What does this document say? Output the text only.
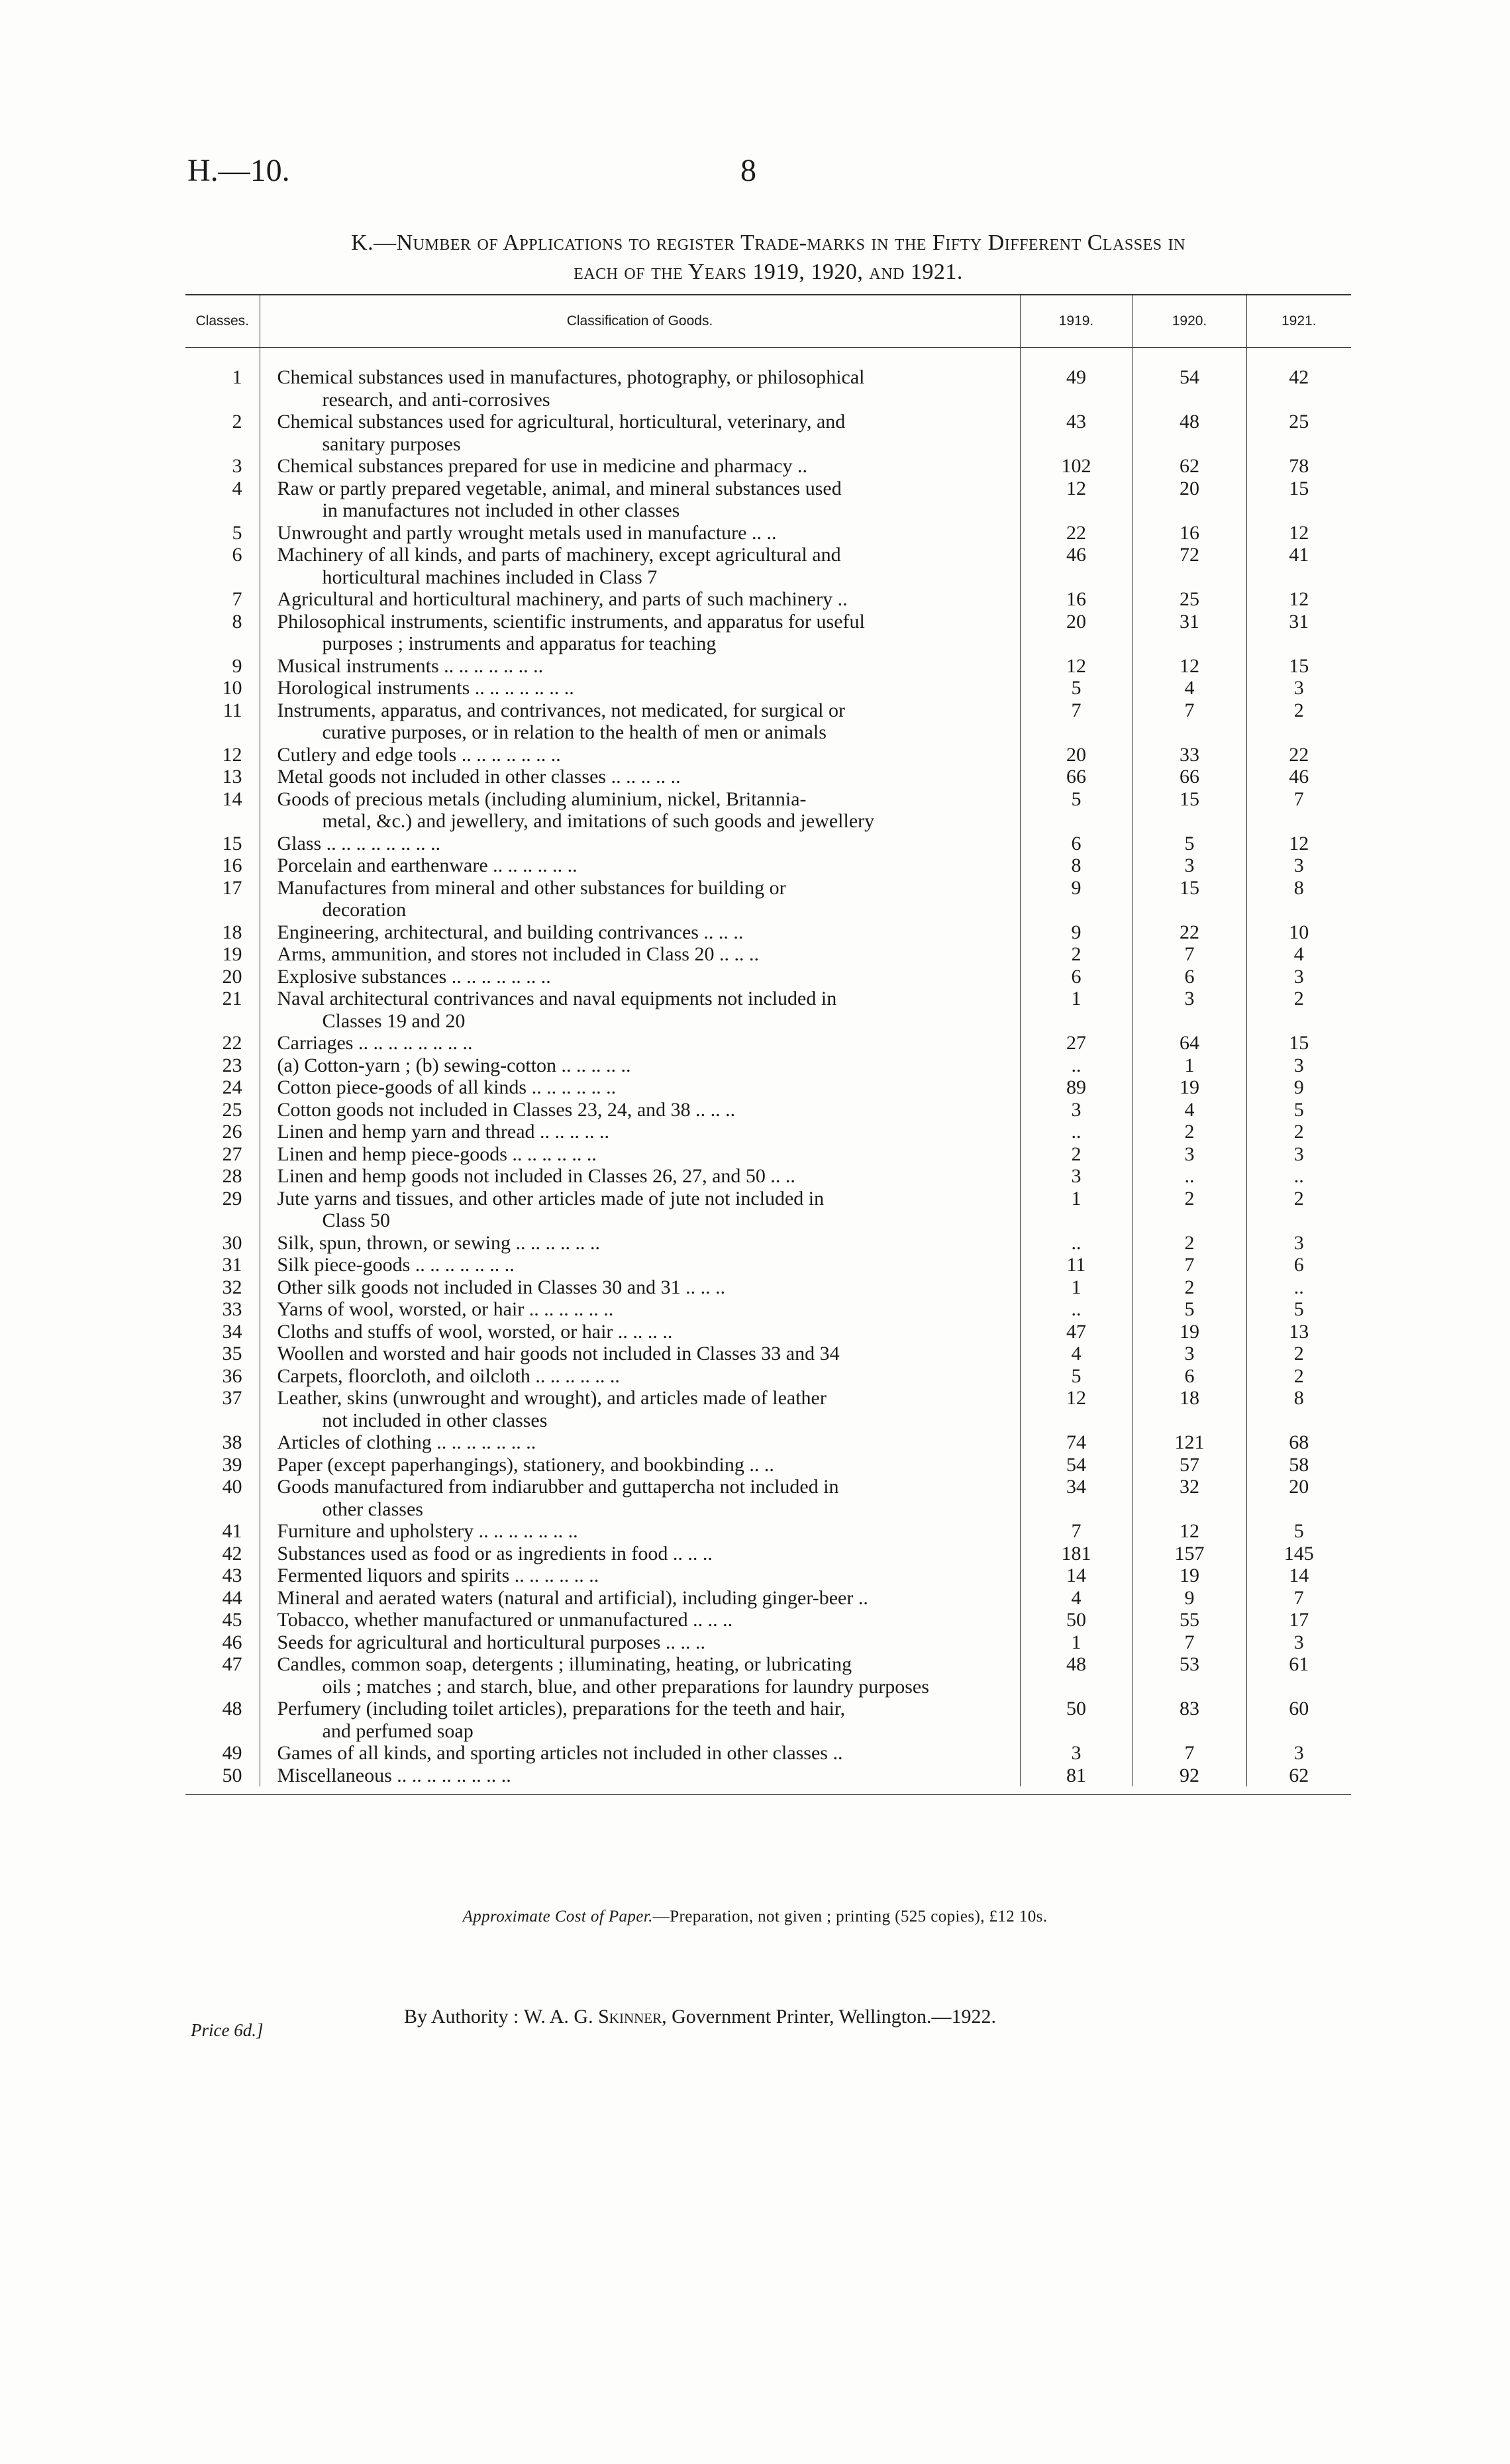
H.—10.	8
K.—Number of Applications to register Trade-marks in the Fifty Different Classes in
each of the Years 1919, 1920, and 1921.
Classes.	Classification of Goods.	1919.	1920.	1921.

1	Chemical substances used in manufactures, photography, or philosophical
research, and anti-corrosives	49	54	42
2	Chemical substances used for agricultural, horticultural, veterinary, and
sanitary purposes	43	48	25
3	Chemical substances prepared for use in medicine and pharmacy ..	102	62	78
4	Raw or partly prepared vegetable, animal, and mineral substances used
in manufactures not included in other classes	12	20	15
5	Unwrought and partly wrought metals used in manufacture .. ..	22	16	12
6	Machinery of all kinds, and parts of machinery, except agricultural and
horticultural machines included in Class 7	46	72	41
7	Agricultural and horticultural machinery, and parts of such machinery ..	16	25	12
8	Philosophical instruments, scientific instruments, and apparatus for useful
purposes ; instruments and apparatus for teaching	20	31	31
9	Musical instruments .. .. .. .. .. .. ..	12	12	15
10	Horological instruments .. .. .. .. .. .. ..	5	4	3
11	Instruments, apparatus, and contrivances, not medicated, for surgical or
curative purposes, or in relation to the health of men or animals	7	7	2
12	Cutlery and edge tools .. .. .. .. .. .. ..	20	33	22
13	Metal goods not included in other classes .. .. .. .. ..	66	66	46
14	Goods of precious metals (including aluminium, nickel, Britannia-
metal, &c.) and jewellery, and imitations of such goods and jewellery	5	15	7
15	Glass .. .. .. .. .. .. .. ..	6	5	12
16	Porcelain and earthenware .. .. .. .. .. ..	8	3	3
17	Manufactures from mineral and other substances for building or
decoration	9	15	8
18	Engineering, architectural, and building contrivances .. .. ..	9	22	10
19	Arms, ammunition, and stores not included in Class 20 .. .. ..	2	7	4
20	Explosive substances .. .. .. .. .. .. ..	6	6	3
21	Naval architectural contrivances and naval equipments not included in
Classes 19 and 20	1	3	2
22	Carriages .. .. .. .. .. .. .. ..	27	64	15
23	(a) Cotton-yarn ; (b) sewing-cotton .. .. .. .. ..	..	1	3
24	Cotton piece-goods of all kinds .. .. .. .. .. ..	89	19	9
25	Cotton goods not included in Classes 23, 24, and 38 .. .. ..	3	4	5
26	Linen and hemp yarn and thread .. .. .. .. ..	..	2	2
27	Linen and hemp piece-goods .. .. .. .. .. ..	2	3	3
28	Linen and hemp goods not included in Classes 26, 27, and 50 .. ..	3	..	..
29	Jute yarns and tissues, and other articles made of jute not included in
Class 50	1	2	2
30	Silk, spun, thrown, or sewing .. .. .. .. .. ..	..	2	3
31	Silk piece-goods .. .. .. .. .. .. ..	11	7	6
32	Other silk goods not included in Classes 30 and 31 .. .. ..	1	2	..
33	Yarns of wool, worsted, or hair .. .. .. .. .. ..	..	5	5
34	Cloths and stuffs of wool, worsted, or hair .. .. .. ..	47	19	13
35	Woollen and worsted and hair goods not included in Classes 33 and 34	4	3	2
36	Carpets, floorcloth, and oilcloth .. .. .. .. .. ..	5	6	2
37	Leather, skins (unwrought and wrought), and articles made of leather
not included in other classes	12	18	8
38	Articles of clothing .. .. .. .. .. .. ..	74	121	68
39	Paper (except paperhangings), stationery, and bookbinding .. ..	54	57	58
40	Goods manufactured from indiarubber and guttapercha not included in
other classes	34	32	20
41	Furniture and upholstery .. .. .. .. .. .. ..	7	12	5
42	Substances used as food or as ingredients in food .. .. ..	181	157	145
43	Fermented liquors and spirits .. .. .. .. .. ..	14	19	14
44	Mineral and aerated waters (natural and artificial), including ginger-beer ..	4	9	7
45	Tobacco, whether manufactured or unmanufactured .. .. ..	50	55	17
46	Seeds for agricultural and horticultural purposes .. .. ..	1	7	3
47	Candles, common soap, detergents ; illuminating, heating, or lubricating
oils ; matches ; and starch, blue, and other preparations for laundry purposes	48	53	61
48	Perfumery (including toilet articles), preparations for the teeth and hair,
and perfumed soap	50	83	60
49	Games of all kinds, and sporting articles not included in other classes ..	3	7	3
50	Miscellaneous .. .. .. .. .. .. .. ..	81	92	62
Approximate Cost of Paper.—Preparation, not given ; printing (525 copies), £12 10s.
Price 6d.]
By Authority : W. A. G. Skinner, Government Printer, Wellington.—1922.
